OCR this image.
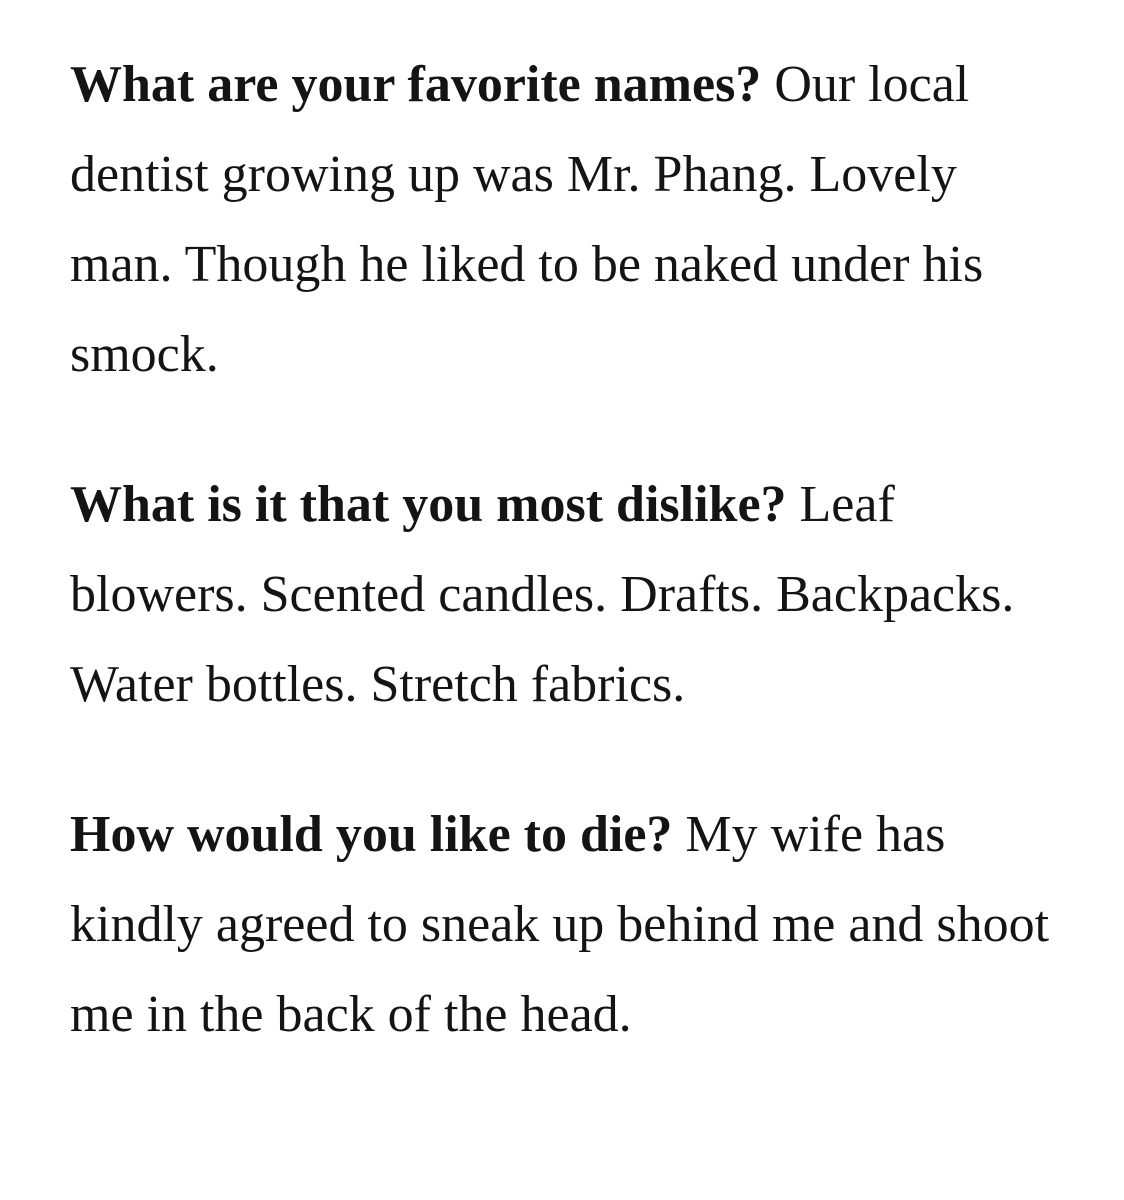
What are your favorite names? Our local dentist growing up was Mr. Phang. Lovely man. Though he liked to be naked under his smock.

What is it that you most dislike? Leaf blowers. Scented candles. Drafts. Backpacks. Water bottles. Stretch fabrics.

How would you like to die? My wife has kindly agreed to sneak up behind me and shoot me in the back of the head.
